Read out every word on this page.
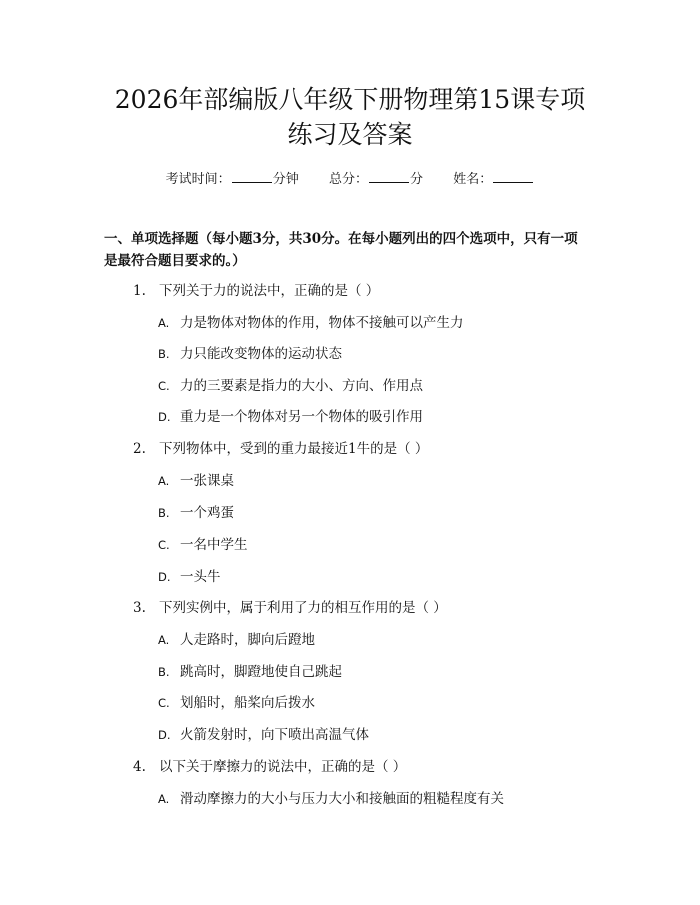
2026年部编版八年级下册物理第15课专项
练习及答案
考试时间：	分钟 总分：	分 姓名：
一、单项选择题（每小题3分，共30分。在每小题列出的四个选项中，只有一项
是最符合题目要求的。）
1. 下列关于力的说法中，正确的是（ ）
A. 力是物体对物体的作用，物体不接触可以产生力
B. 力只能改变物体的运动状态
C. 力的三要素是指力的大小、方向、作用点
D. 重力是一个物体对另一个物体的吸引作用
2. 下列物体中，受到的重力最接近1牛的是（ ）
A. 一张课桌
B. 一个鸡蛋
C. 一名中学生
D. 一头牛
3. 下列实例中，属于利用了力的相互作用的是（ ）
A. 人走路时，脚向后蹬地
B. 跳高时，脚蹬地使自己跳起
C. 划船时，船桨向后拨水
D. 火箭发射时，向下喷出高温气体
4. 以下关于摩擦力的说法中，正确的是（ ）
A. 滑动摩擦力的大小与压力大小和接触面的粗糙程度有关
